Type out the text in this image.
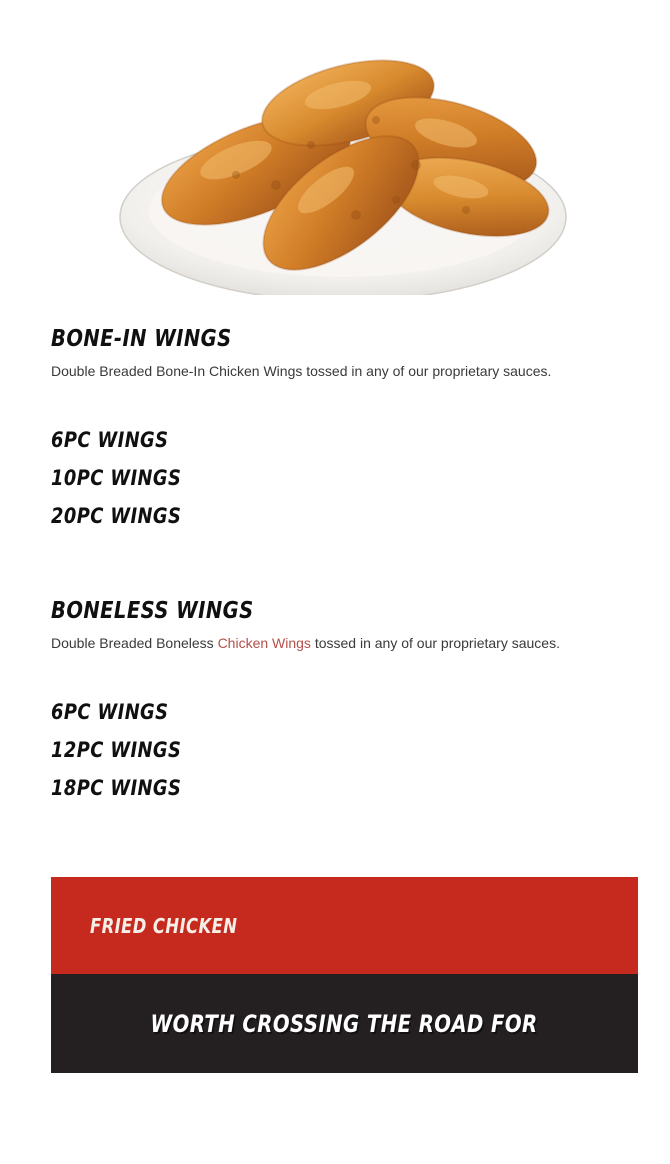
BONE-IN WINGS

Double Breaded Bone-In Chicken Wings tossed in any of our proprietary sauces.

6PC WINGS
10PC WINGS
20PC WINGS
BONELESS WINGS

Double Breaded Boneless Chicken Wings tossed in any of our proprietary sauces.

6PC WINGS
12PC WINGS
18PC WINGS
FRIED CHICKEN
WORTH CROSSING THE ROAD FOR
